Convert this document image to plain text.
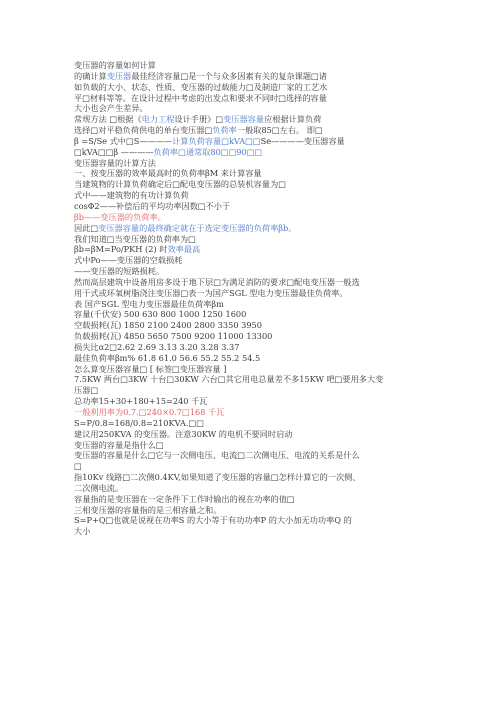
变压器的容量如何计算
的确计算变压器最佳经济容量□是一个与众多因素有关的复杂课题□诸
如负载的大小、状态、性质、变压器的过载能力□及制造厂家的工艺水
平□材料等等。在设计过程中考虑的出发点和要求不同时□选择的容量
大小也会产生差异。
常规方法 □根据《电力工程设计手册》□变压器容量应根据计算负荷
选择□对平稳负荷供电的单台变压器□负荷率一般取85□左右。 即□
β =S/Se 式中□S————计算负荷容量□kVA□□Se————变压器容量
□kVA□□β ————负荷率□通常取80□□90□□
变压器容量的计算方法
一、按变压器的效率最高时的负荷率βM 来计算容量
当建筑物的计算负荷确定后□配电变压器的总装机容量为□
式中——建筑物的有功计算负荷
cosΦ2——补偿后的平均功率因数□不小于
βb——变压器的负荷率。
因此□变压器容量的最终确定就在于选定变压器的负荷率βb。
我们知道□当变压器的负荷率为□
βb=βM=Po/PKH (2) 时效率最高
式中Po——变压器的空载损耗
——变压器的短路损耗。
然而高层建筑中设备用房多设于地下层□为满足消防的要求□配电变压器一般选
用干式或环氧树脂浇注变压器□表一为国产SGL 型电力变压器最佳负荷率。
表 国产SGL 型电力变压器最佳负荷率βm
容量(千伏安) 500 630 800 1000 1250 1600
空载损耗(瓦) 1850 2100 2400 2800 3350 3950
负载损耗(瓦) 4850 5650 7500 9200 11000 13300
损失比α2□2.62 2.69 3.13 3.20 3.28 3.37
最佳负荷率βm% 61.8 61.0 56.6 55.2 55.2 54.5
怎么算变压器容量□ [ 标签□变压器容量 ]
7.5KW 两台□3KW 十台□30KW 六台□其它用电总量差不多15KW 吧□要用多大变
压器□
总功率15+30+180+15=240 千瓦
一般利用率为0.7.□240×0.7□168 千瓦
S=P/0.8=168/0.8=210KVA.□□
建议用250KVA 的变压器。注意30KW 的电机不要同时启动
变压器的容量是指什么□
变压器的容量是什么□它与一次侧电压、电流□二次侧电压、电流的关系是什么
□
指10Kv 线路□二次侧0.4KV,如果知道了变压器的容量□怎样计算它的一次侧、
二次侧电流。
容量指的是变压器在一定条件下工作时输出的视在功率的值□
三相变压器的容量指的是三相容量之和。
S=P+Q□也就是说视在功率S 的大小等于有功功率P 的大小加无功功率Q 的
大小
